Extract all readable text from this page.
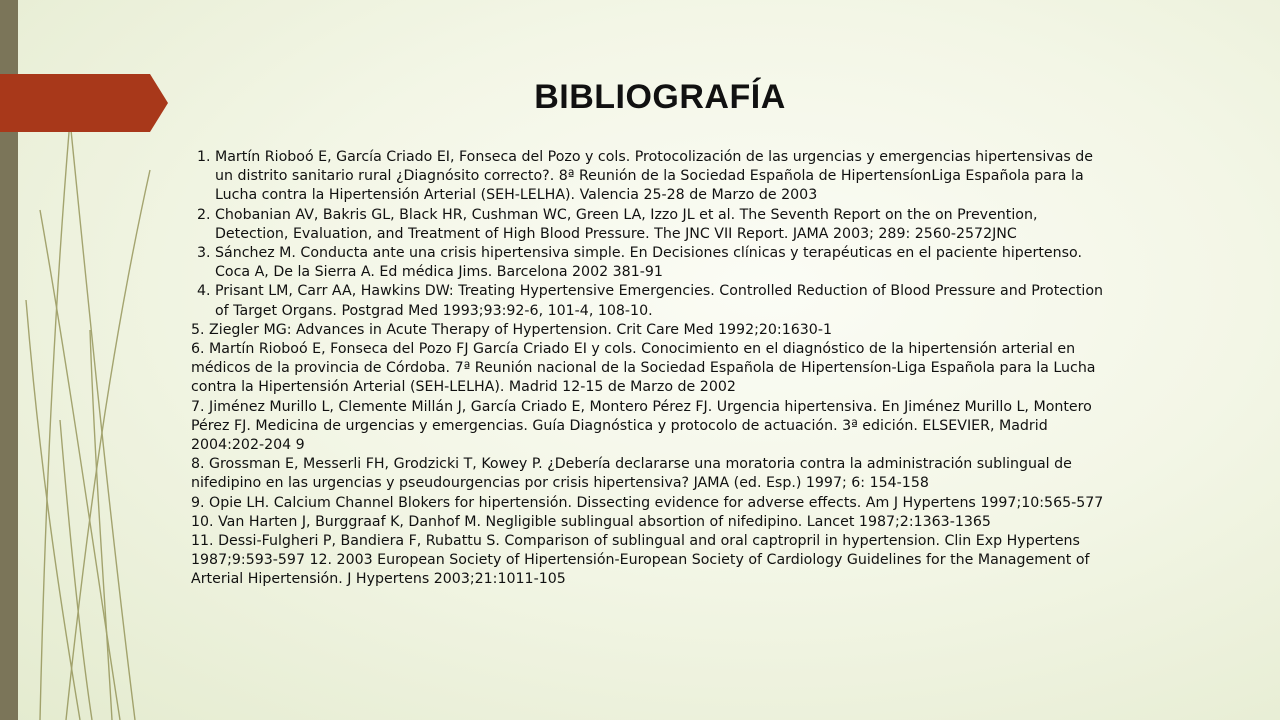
BIBLIOGRAFÍA
1. Martín Rioboó E, García Criado EI, Fonseca del Pozo y cols. Protocolización de las urgencias y emergencias hipertensivas de un distrito sanitario rural ¿Diagnósito correcto?. 8ª Reunión de la Sociedad Española de HipertensíonLiga Española para la Lucha contra la Hipertensión Arterial (SEH-LELHA). Valencia 25-28 de Marzo de 2003
2. Chobanian AV, Bakris GL, Black HR, Cushman WC, Green LA, Izzo JL et al. The Seventh Report on the on Prevention, Detection, Evaluation, and Treatment of High Blood Pressure. The JNC VII Report. JAMA 2003; 289: 2560-2572JNC
3. Sánchez M. Conducta ante una crisis hipertensiva simple. En Decisiones clínicas y terapéuticas en el paciente hipertenso. Coca A, De la Sierra A. Ed médica Jims. Barcelona 2002 381-91
4. Prisant LM, Carr AA, Hawkins DW: Treating Hypertensive Emergencies. Controlled Reduction of Blood Pressure and Protection of Target Organs. Postgrad Med 1993;93:92-6, 101-4, 108-10.

5. Ziegler MG: Advances in Acute Therapy of Hypertension. Crit Care Med 1992;20:1630-1

6. Martín Rioboó E, Fonseca del Pozo FJ García Criado EI y cols. Conocimiento en el diagnóstico de la hipertensión arterial en médicos de la provincia de Córdoba. 7ª Reunión nacional de la Sociedad Española de Hipertensíon-Liga Española para la Lucha contra la Hipertensión Arterial (SEH-LELHA). Madrid 12-15 de Marzo de 2002

7. Jiménez Murillo L, Clemente Millán J, García Criado E, Montero Pérez FJ. Urgencia hipertensiva. En Jiménez Murillo L, Montero Pérez FJ. Medicina de urgencias y emergencias. Guía Diagnóstica y protocolo de actuación. 3ª edición. ELSEVIER, Madrid 2004:202-204 9

8. Grossman E, Messerli FH, Grodzicki T, Kowey P. ¿Debería declararse una moratoria contra la administración sublingual de nifedipino en las urgencias y pseudourgencias por crisis hipertensiva? JAMA (ed. Esp.) 1997; 6: 154-158

9. Opie LH. Calcium Channel Blokers for hipertensión. Dissecting evidence for adverse effects. Am J Hypertens 1997;10:565-577

10. Van Harten J, Burggraaf K, Danhof M. Negligible sublingual absortion of nifedipino. Lancet 1987;2:1363-1365

11. Dessi-Fulgheri P, Bandiera F, Rubattu S. Comparison of sublingual and oral captropril in hypertension. Clin Exp Hypertens 1987;9:593-597 12. 2003 European Society of Hipertensión-European Society of Cardiology Guidelines for the Management of Arterial Hipertensión. J Hypertens 2003;21:1011-105
